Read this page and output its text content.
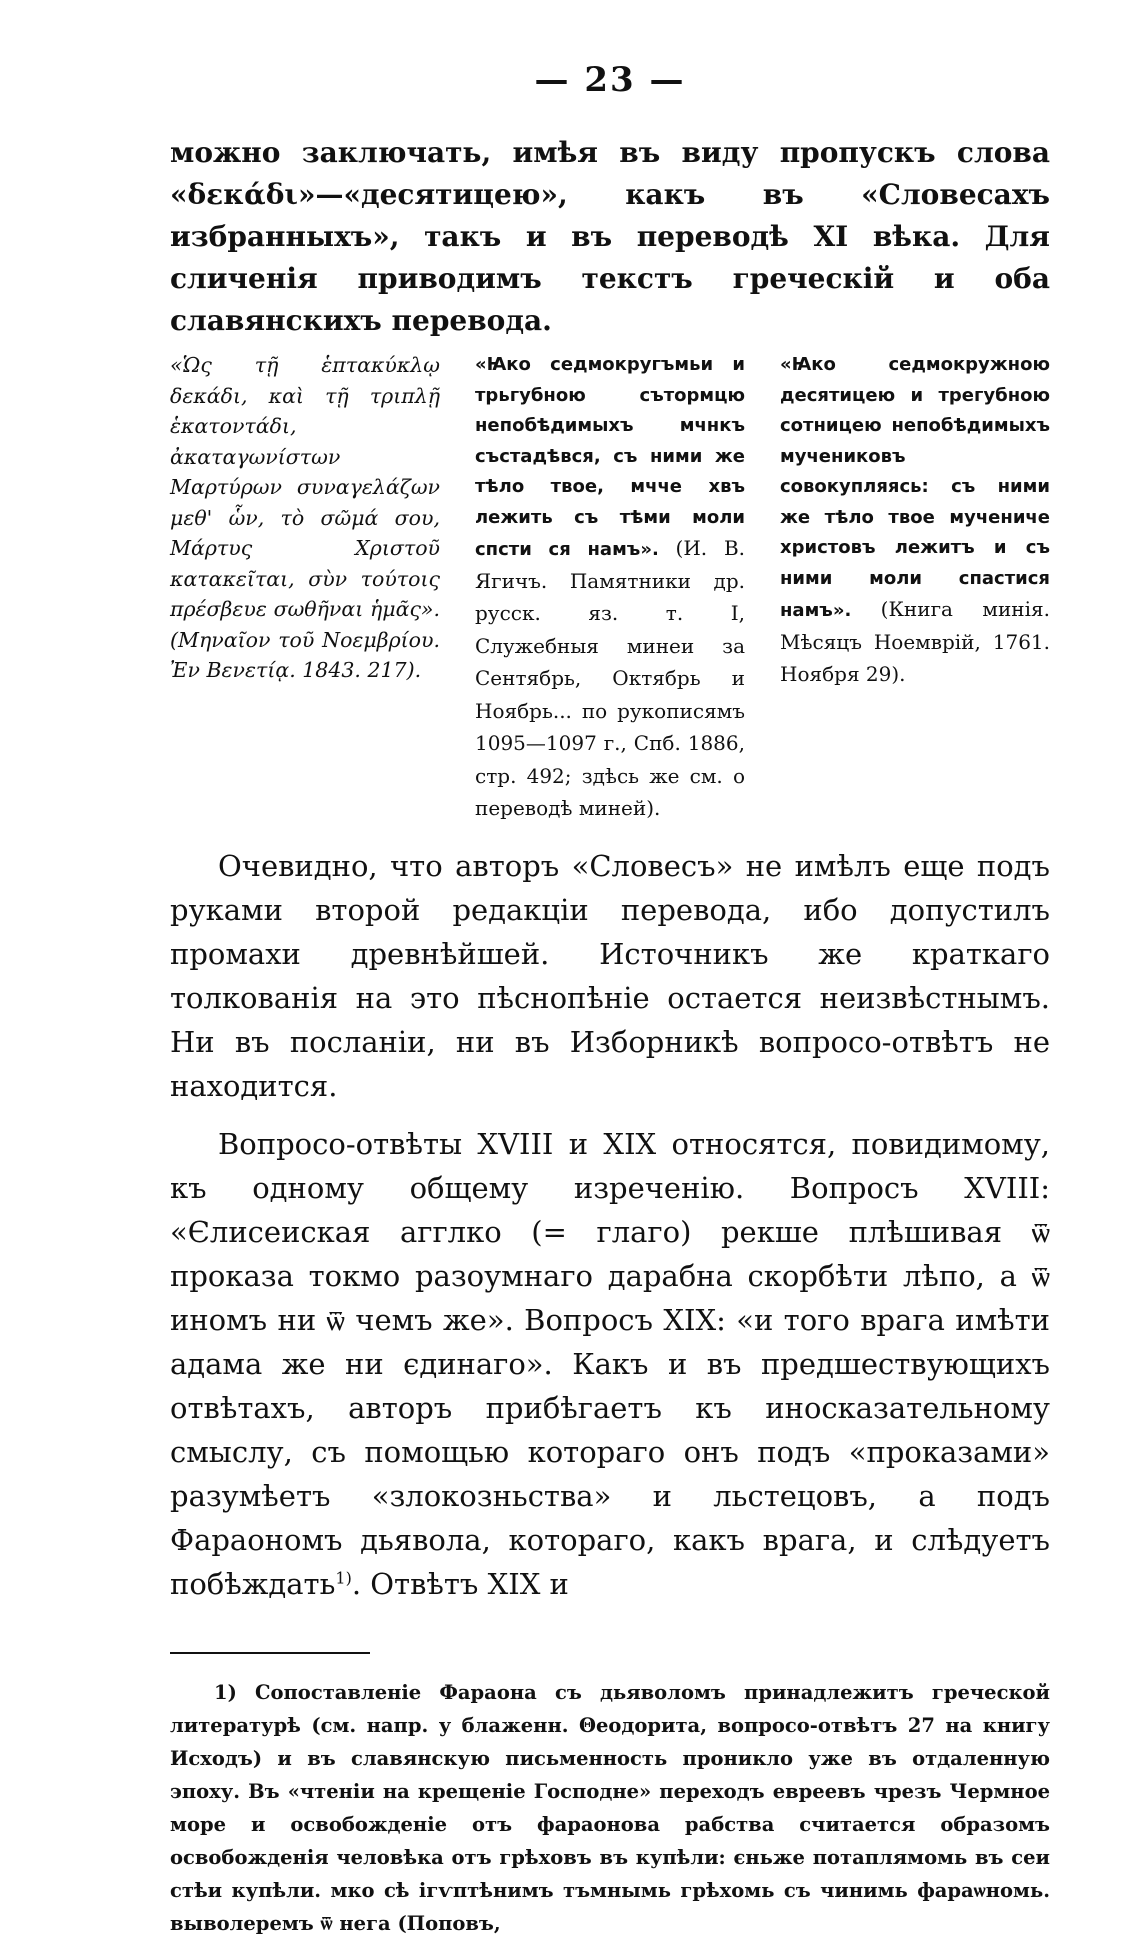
— 23 —

можно заключать, имѣя въ виду пропускъ слова «δεκάδι»—«десятицею», какъ въ «Словесахъ избранныхъ», такъ и въ переводѣ XI вѣка. Для сличенія приводимъ текстъ греческій и оба славянскихъ перевода.

«Ὡς τῇ ἑπτακύκλῳ δεκάδι, καὶ τῇ τριπλῇ ἑκατοντάδι, ἀκαταγωνίστων Μαρτύρων συναγελάζων μεθ' ὧν, τὸ σῶμά σου, Μάρτυς Χριστοῦ κατακεῖται, σὺν τούτοις πρέσβευε σωθῆναι ἡμᾶς». (Μηναῖον τοῦ Νοεμβρίου. Ἐν Βενετίᾳ. 1843. 217).
«Ꙗко седмокругъмьи и трьгубною сътормцю непобѣдимыхъ мчнкъ състадѣвся, съ ними же тѣло твое, мчче хвъ лежить съ тѣми моли спсти ся намъ». (И. В. Ягичъ. Памятники др. русск. яз. т. I, Служебныя минеи за Сентябрь, Октябрь и Ноябрь... по рукописямъ 1095—1097 г., Спб. 1886, стр. 492; здѣсь же см. о переводѣ миней).
«Ꙗко седмокружною десятицею и трегубною сотницею непобѣдимыхъ мучениковъ совокупляясь: съ ними же тѣло твое мучениче христовъ лежитъ и съ ними моли спастися намъ». (Книга минія. Мѣсяцъ Ноемврій, 1761. Ноября 29).

Очевидно, что авторъ «Словесъ» не имѣлъ еще подъ руками второй редакціи перевода, ибо допустилъ промахи древнѣйшей. Источникъ же краткаго толкованія на это пѣснопѣніе остается неизвѣстнымъ. Ни въ посланіи, ни въ Изборникѣ вопросо-отвѣтъ не находится.

Вопросо-отвѣты XVIII и XIX относятся, повидимому, къ одному общему изреченію. Вопросъ XVIII: «Єлисеиская агглко (= глаго) рекше плѣшивая ѿ проказа токмо разоумнаго дарабна скорбѣти лѣпо, а ѿ иномъ ни ѿ чемъ же». Вопросъ XIX: «и того врага имѣти адама же ни єдинаго». Какъ и въ предшествующихъ отвѣтахъ, авторъ прибѣгаетъ къ иносказательному смыслу, съ помощью котораго онъ подъ «проказами» разумѣетъ «злокозньства» и льстецовъ, а подъ Фараономъ дьявола, котораго, какъ врага, и слѣдуетъ побѣждать$^{1)}$. Отвѣтъ XIX и

1) Сопоставленіе Фараона съ дьяволомъ принадлежитъ греческой литературѣ (см. напр. у блаженн. Θеодорита, вопросо-отвѣтъ 27 на книгу Исходъ) и въ славянскую письменность проникло уже въ отдаленную эпоху. Въ «чтеніи на крещеніе Господне» переходъ евреевъ чрезъ Чермное море и освобожденіе отъ фараонова рабства считается образомъ освобожденія человѣка отъ грѣховъ въ купѣли: єньже потаплямомь въ сеи стѣи купѣли. мко сѣ ігѵптѣнимъ тъмнымь грѣхомь съ чинимь фараѡномь. выволеремъ ѿ нега (Поповъ,
